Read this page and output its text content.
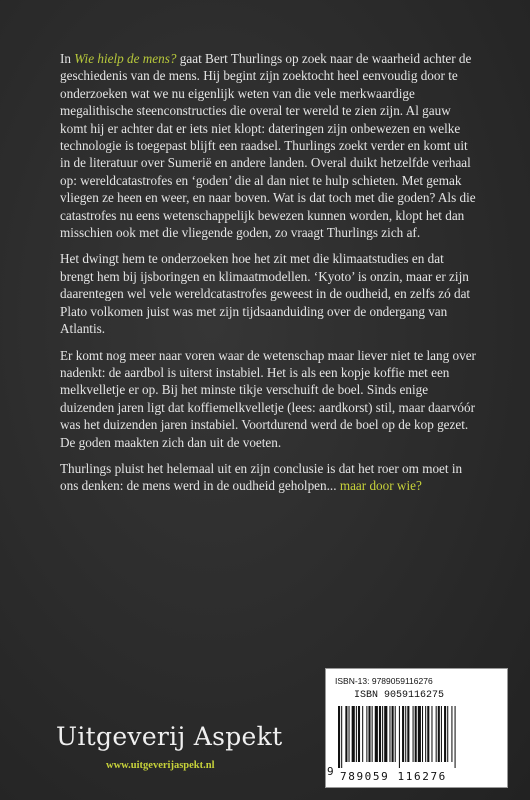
In Wie hielp de mens? gaat Bert Thurlings op zoek naar de waarheid achter de geschiedenis van de mens. Hij begint zijn zoektocht heel eenvoudig door te onderzoeken wat we nu eigenlijk weten van die vele merkwaardige megalithische steenconstructies die overal ter wereld te zien zijn. Al gauw komt hij er achter dat er iets niet klopt: dateringen zijn onbewezen en welke technologie is toegepast blijft een raadsel. Thurlings zoekt verder en komt uit in de literatuur over Sumerië en andere landen. Overal duikt hetzelfde verhaal op: wereldcatastrofes en ‘goden’ die al dan niet te hulp schieten. Met gemak vliegen ze heen en weer, en naar boven. Wat is dat toch met die goden? Als die catastrofes nu eens wetenschappelijk bewezen kunnen worden, klopt het dan misschien ook met die vliegende goden, zo vraagt Thurlings zich af.

Het dwingt hem te onderzoeken hoe het zit met die klimaatstudies en dat brengt hem bij ijsboringen en klimaatmodellen. ‘Kyoto’ is onzin, maar er zijn daarentegen wel vele wereldcatastrofes geweest in de oudheid, en zelfs zó dat Plato volkomen juist was met zijn tijdsaanduiding over de ondergang van Atlantis.

Er komt nog meer naar voren waar de wetenschap maar liever niet te lang over nadenkt: de aardbol is uiterst instabiel. Het is als een kopje koffie met een melkvelletje er op. Bij het minste tikje verschuift de boel. Sinds enige duizenden jaren ligt dat koffiemelkvelletje (lees: aardkorst) stil, maar daarvóór was het duizenden jaren instabiel. Voortdurend werd de boel op de kop gezet. De goden maakten zich dan uit de voeten.

Thurlings pluist het helemaal uit en zijn conclusie is dat het roer om moet in ons denken: de mens werd in de oudheid geholpen... maar door wie?

Uitgeverij Aspekt
www.uitgeverijaspekt.nl
ISBN-13: 9789059116276
ISBN 9059116275
9 789059 116276
